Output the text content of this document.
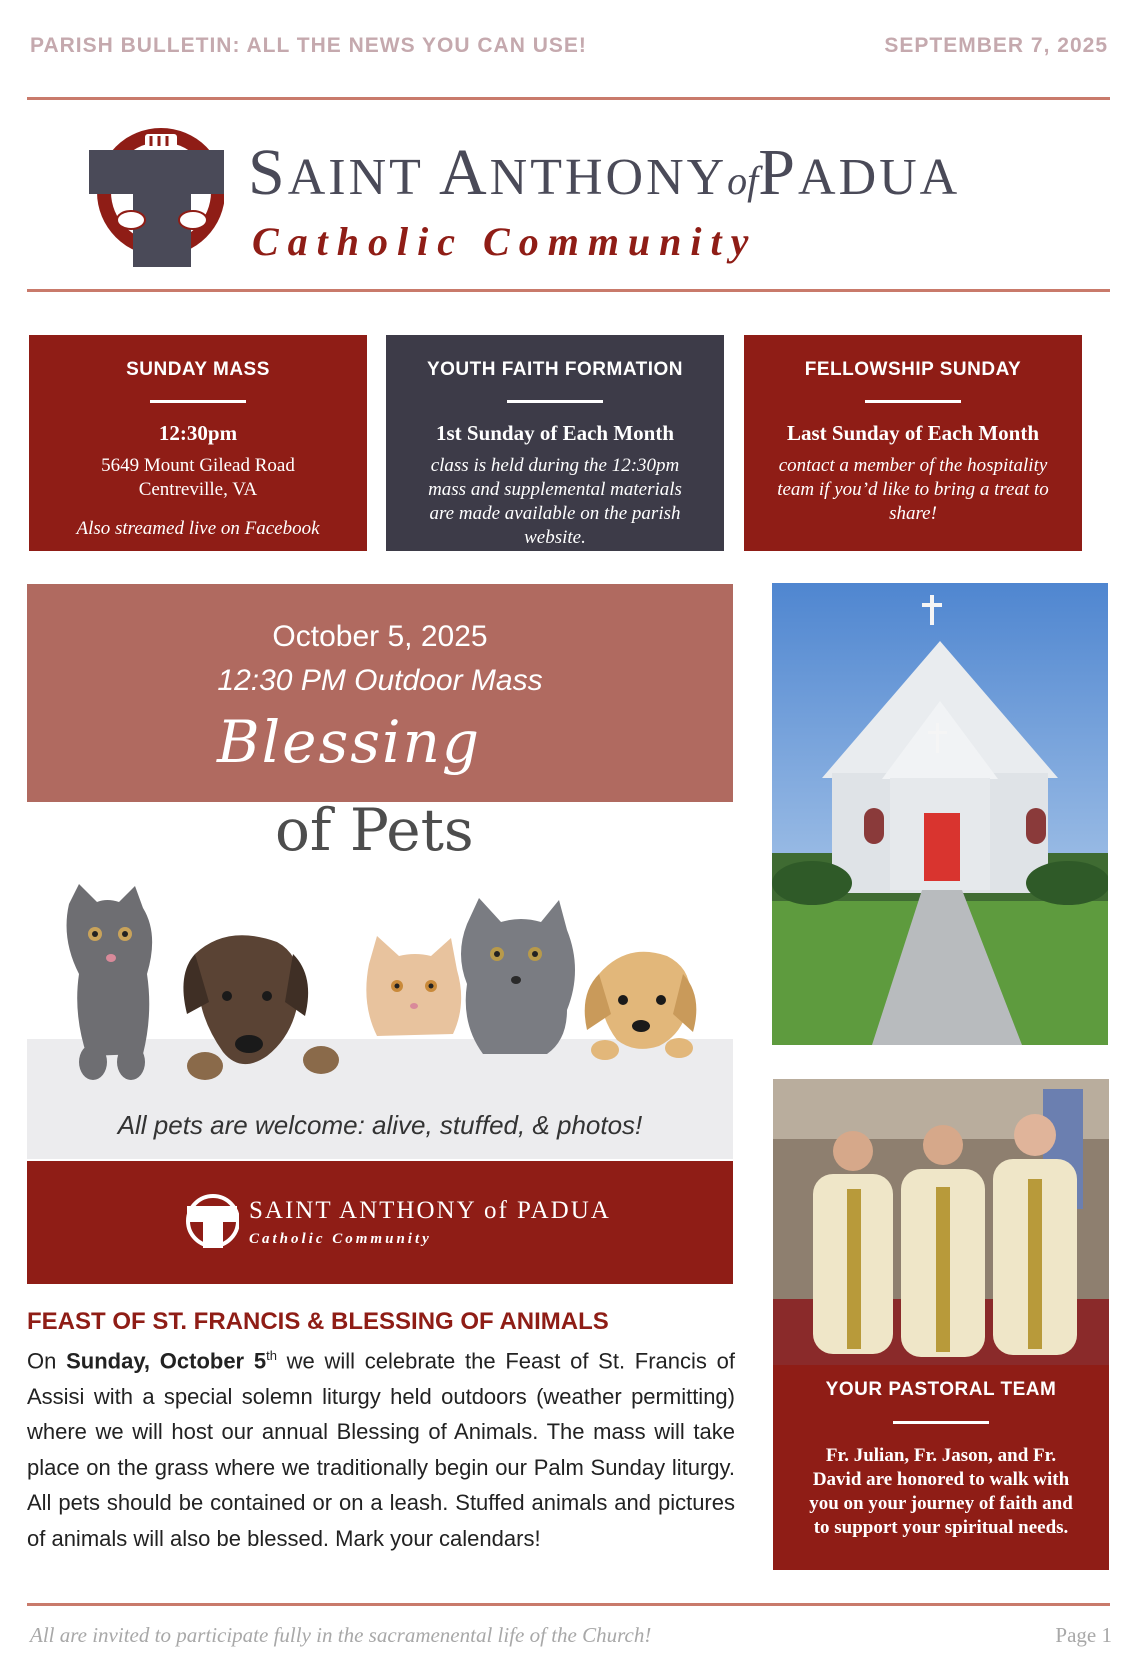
PARISH BULLETIN: ALL THE NEWS YOU CAN USE!	SEPTEMBER 7, 2025
SAINT ANTHONYofPADUA
Catholic Community
SUNDAY MASS
12:30pm
5649 Mount Gilead Road
Centreville, VA
Also streamed live on Facebook
YOUTH FAITH FORMATION
1st Sunday of Each Month
class is held during the 12:30pm mass and supplemental materials are made available on the parish website.
FELLOWSHIP SUNDAY
Last Sunday of Each Month
contact a member of the hospitality team if you’d like to bring a treat to share!
October 5, 2025
12:30 PM Outdoor Mass
Blessing
of Pets
All pets are welcome: alive, stuffed, & photos!
SAINT ANTHONY of PADUA
Catholic Community
FEAST OF ST. FRANCIS & BLESSING OF ANIMALS
On Sunday, October 5th we will celebrate the Feast of St. Francis of Assisi with a special solemn liturgy held outdoors (weather permitting) where we will host our annual Blessing of Animals. The mass will take place on the grass where we traditionally begin our Palm Sunday liturgy. All pets should be contained or on a leash. Stuffed animals and pictures of animals will also be blessed. Mark your calendars!
YOUR PASTORAL TEAM
Fr. Julian, Fr. Jason, and Fr. David are honored to walk with you on your journey of faith and to support your spiritual needs.
All are invited to participate fully in the sacramenental life of the Church!	Page 1
